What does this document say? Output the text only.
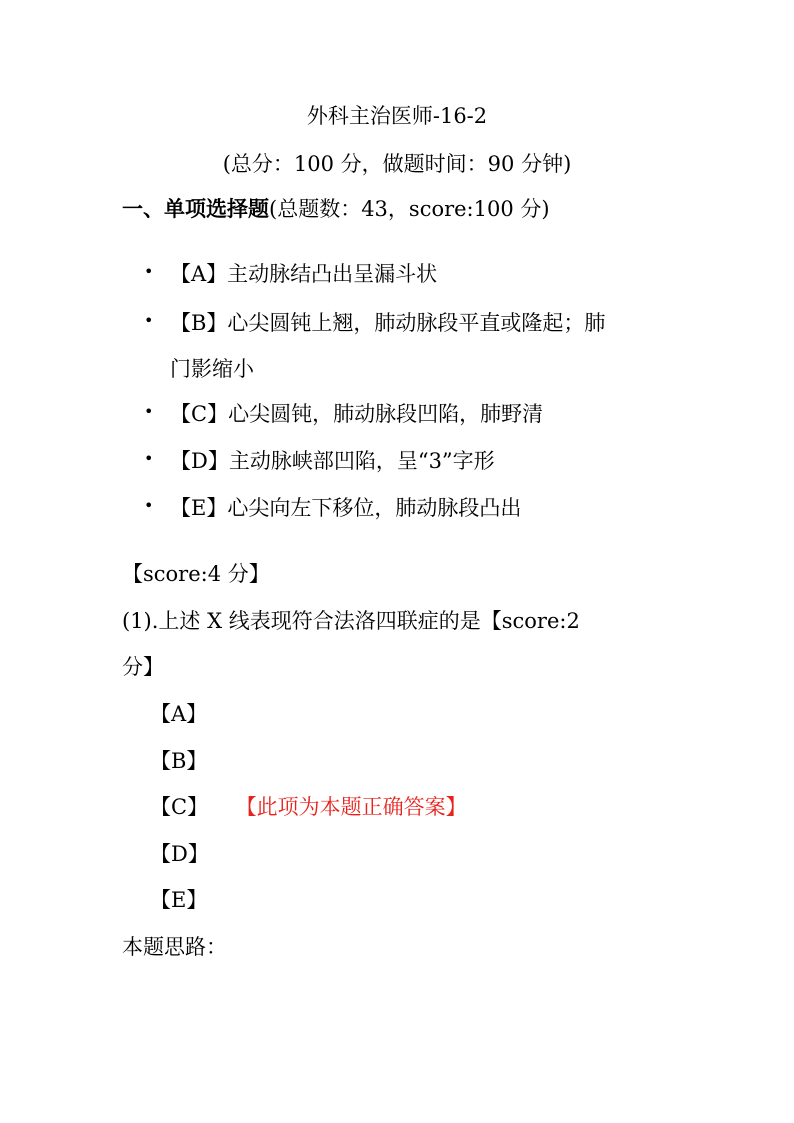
外科主治医师-16-2
(总分：100 分，做题时间：90 分钟)
一、单项选择题(总题数：43，score:100 分)
• 【A】主动脉结凸出呈漏斗状
• 【B】心尖圆钝上翘，肺动脉段平直或隆起；肺
门影缩小
• 【C】心尖圆钝，肺动脉段凹陷，肺野清
• 【D】主动脉峡部凹陷，呈“3”字形
• 【E】心尖向左下移位，肺动脉段凸出
【score:4 分】
(1).上述 X 线表现符合法洛四联症的是【score:2
分】
【A】
【B】
【C】 【此项为本题正确答案】
【D】
【E】
本题思路：
